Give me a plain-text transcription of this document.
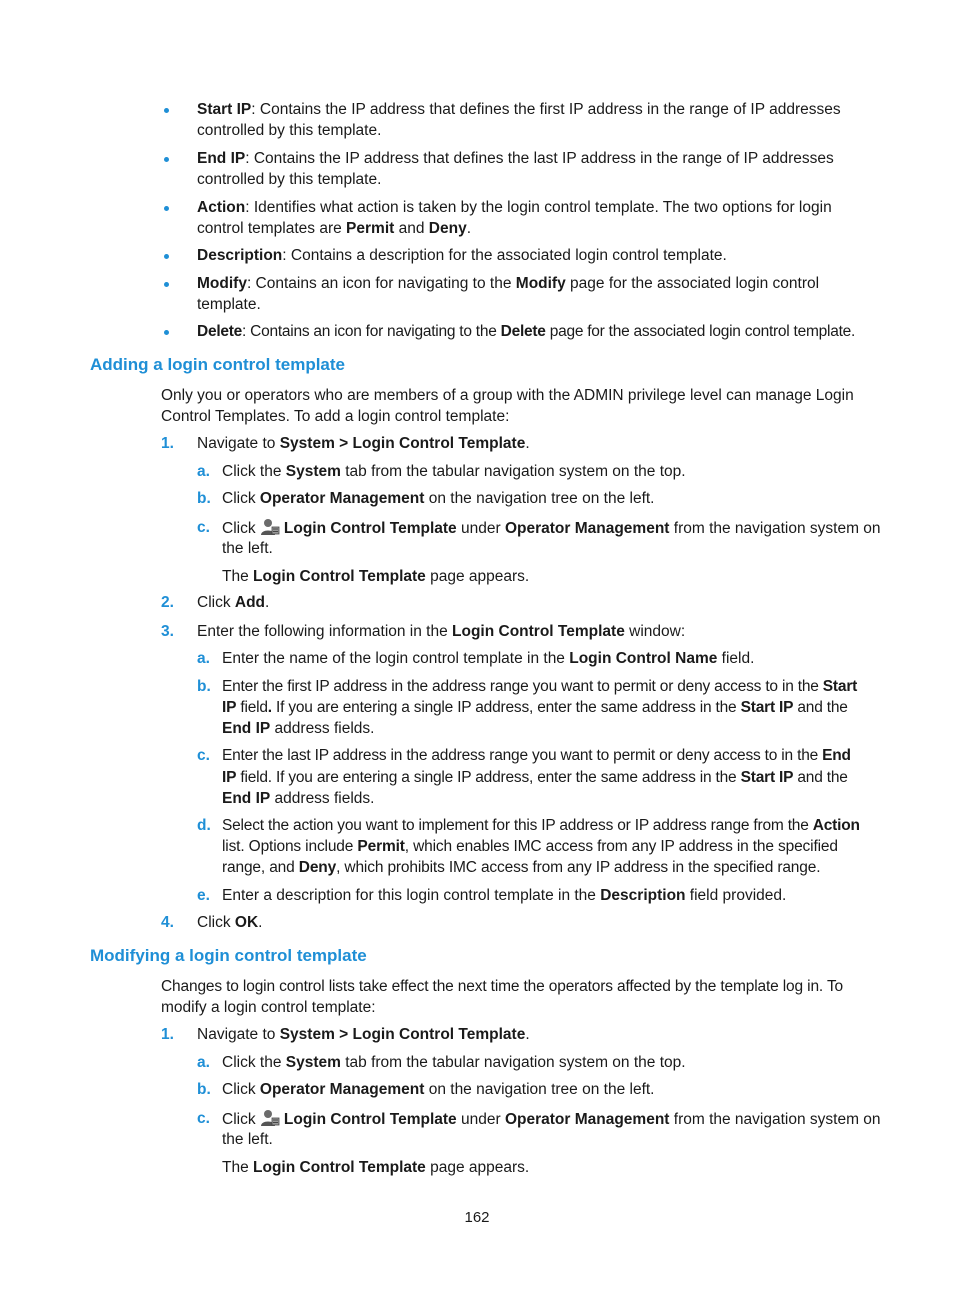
Start IP: Contains the IP address that defines the first IP address in the range of IP addresses
controlled by this template.
End IP: Contains the IP address that defines the last IP address in the range of IP addresses
controlled by this template.
Action: Identifies what action is taken by the login control template. The two options for login
control templates are Permit and Deny.
Description: Contains a description for the associated login control template.
Modify: Contains an icon for navigating to the Modify page for the associated login control
template.
Delete: Contains an icon for navigating to the Delete page for the associated login control template.
Adding a login control template
Only you or operators who are members of a group with the ADMIN privilege level can manage Login
Control Templates. To add a login control template:
1. Navigate to System > Login Control Template.
a. Click the System tab from the tabular navigation system on the top.
b. Click Operator Management on the navigation tree on the left.
c. Click Login Control Template under Operator Management from the navigation system on
the left.
The Login Control Template page appears.
2. Click Add.
3. Enter the following information in the Login Control Template window:
a. Enter the name of the login control template in the Login Control Name field.
b. Enter the first IP address in the address range you want to permit or deny access to in the Start
IP field. If you are entering a single IP address, enter the same address in the Start IP and the
End IP address fields.
c. Enter the last IP address in the address range you want to permit or deny access to in the End
IP field. If you are entering a single IP address, enter the same address in the Start IP and the
End IP address fields.
d. Select the action you want to implement for this IP address or IP address range from the Action
list. Options include Permit, which enables IMC access from any IP address in the specified
range, and Deny, which prohibits IMC access from any IP address in the specified range.
e. Enter a description for this login control template in the Description field provided.
4. Click OK.
Modifying a login control template
Changes to login control lists take effect the next time the operators affected by the template log in. To
modify a login control template:
1. Navigate to System > Login Control Template.
a. Click the System tab from the tabular navigation system on the top.
b. Click Operator Management on the navigation tree on the left.
c. Click Login Control Template under Operator Management from the navigation system on
the left.
The Login Control Template page appears.
162
